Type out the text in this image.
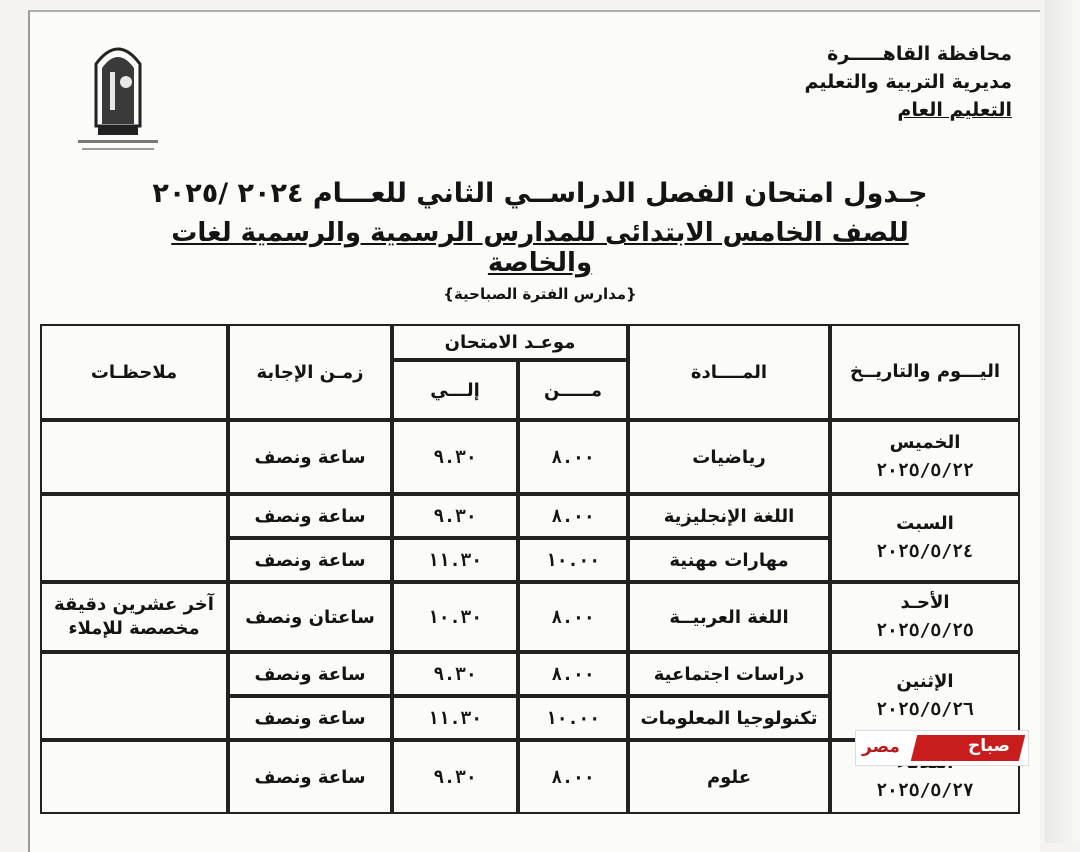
محافظة القاهـــــرة
مديرية التربية والتعليم
التعليم العام
جـدول امتحان الفصل الدراســي الثاني للعـــام ٢٠٢٤ /٢٠٢٥
للصف الخامس الابتدائى للمدارس الرسمية والرسمية لغات والخاصة
{مدارس الفترة الصباحية}
اليـــوم والتاريــخ	المــــادة	موعـد الامتحان		زمـن الإجابة	ملاحظـات
		مـــــن	إلـــي		

الخميس
٢٠٢٥/٥/٢٢	رياضيات	٨.٠٠	٩.٣٠	ساعة ونصف	

السبت
٢٠٢٥/٥/٢٤	اللغة الإنجليزية	٨.٠٠	٩.٣٠	ساعة ونصف	
	مهارات مهنية	١٠.٠٠	١١.٣٠	ساعة ونصف	

الأحـد
٢٠٢٥/٥/٢٥	اللغة العربيــة	٨.٠٠	١٠.٣٠	ساعتان ونصف	آخر عشرين دقيقة مخصصة للإملاء

الإثنين
٢٠٢٥/٥/٢٦	دراسات اجتماعية	٨.٠٠	٩.٣٠	ساعة ونصف	
	تكنولوجيا المعلومات	١٠.٠٠	١١.٣٠	ساعة ونصف	

٢٠٢٥/٥/٢٧	علوم	٨.٠٠	٩.٣٠	ساعة ونصف	
صباح
مصر
